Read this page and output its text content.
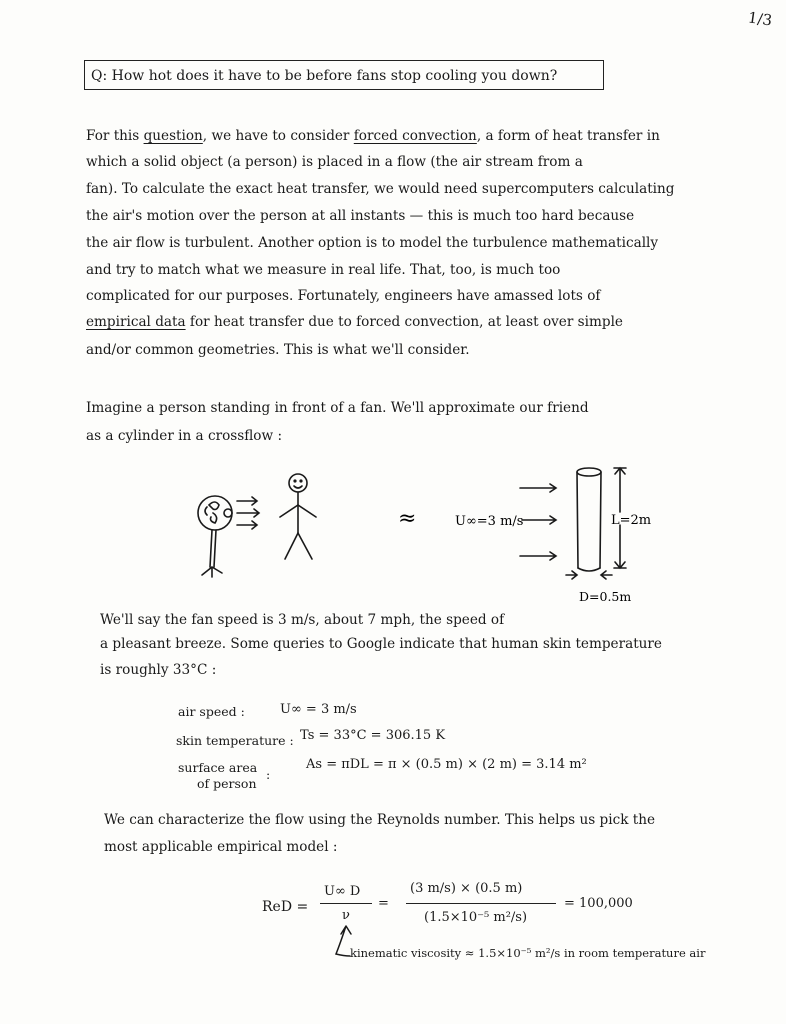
1/3
Q: How hot does it have to be before fans stop cooling you down?
For this question, we have to consider forced convection, a form of heat transfer in
which a solid object (a person) is placed in a flow (the air stream from a
fan). To calculate the exact heat transfer, we would need supercomputers calculating
the air's motion over the person at all instants — this is much too hard because
the air flow is turbulent. Another option is to model the turbulence mathematically
and try to match what we measure in real life. That, too, is much too
complicated for our purposes. Fortunately, engineers have amassed lots of
empirical data for heat transfer due to forced convection, at least over simple
and/or common geometries. This is what we'll consider.
Imagine a person standing in front of a fan. We'll approximate our friend
as a cylinder in a crossflow :
≈	U∞=3 m/s	L=2m
D=0.5m
We'll say the fan speed is 3 m/s, about 7 mph, the speed of
a pleasant breeze. Some queries to Google indicate that human skin temperature
is roughly 33°C :
air speed :	U∞ = 3 m/s
skin temperature : Ts = 33°C = 306.15 K
surface area
of person
:
As = πDL = π × (0.5 m) × (2 m) = 3.14 m²
We can characterize the flow using the Reynolds number. This helps us pick the
most applicable empirical model :
ReD =
U∞ D
ν
=
(3 m/s) × (0.5 m)
(1.5×10⁻⁵ m²/s)
= 100,000
kinematic viscosity ≈ 1.5×10⁻⁵ m²/s in room temperature air
